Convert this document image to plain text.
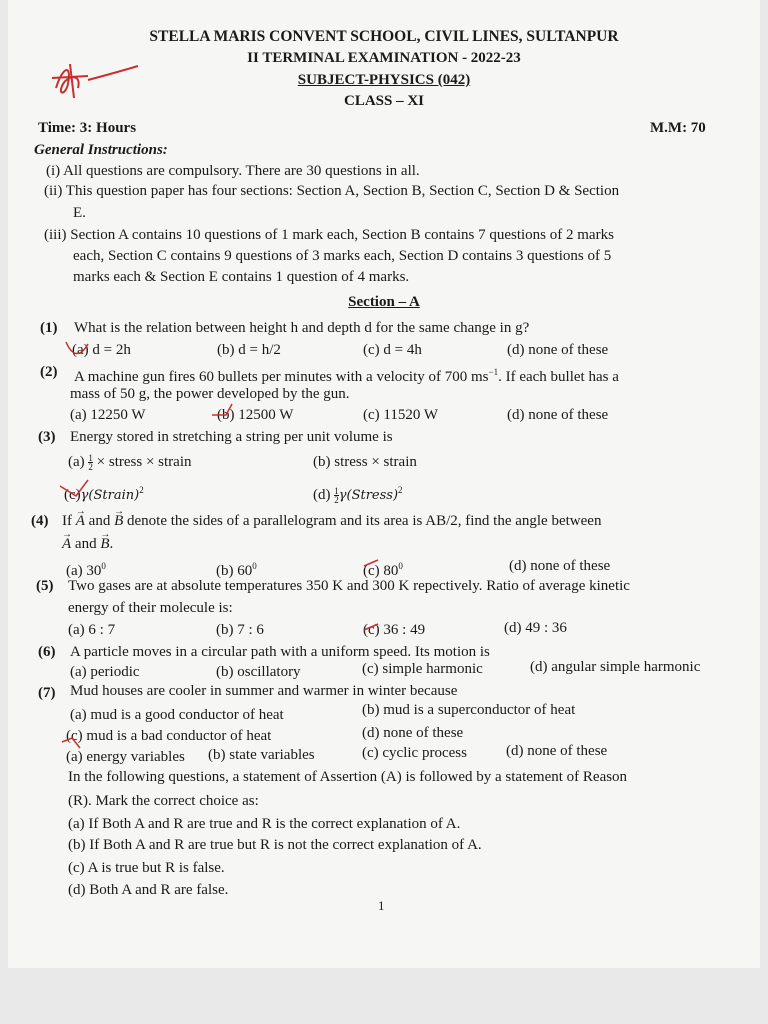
STELLA MARIS CONVENT SCHOOL, CIVIL LINES, SULTANPUR
II TERMINAL EXAMINATION - 2022-23
SUBJECT-PHYSICS (042)
CLASS – XI
Time: 3: Hours	M.M: 70
General Instructions:
(i) All questions are compulsory. There are 30 questions in all.
(ii) This question paper has four sections: Section A, Section B, Section C, Section D & Section
E.
(iii) Section A contains 10 questions of 1 mark each, Section B contains 7 questions of 2 marks
each, Section C contains 9 questions of 3 marks each, Section D contains 3 questions of 5
marks each & Section E contains 1 question of 4 marks.
Section – A
(1) What is the relation between height h and depth d for the same change in g?
(a) d = 2h	(b) d = h/2	(c) d = 4h	(d) none of these
(2) A machine gun fires 60 bullets per minutes with a velocity of 700 $ms^{-1}$. If each bullet has a
mass of 50 g, the power developed by the gun.
(a) 12250 W	(b) 12500 W	(c) 11520 W	(d) none of these
(3) Energy stored in stretching a string per unit volume is
$(a) \frac{1}{2}$ × stress × strain	(b) stress × strain
(c)γ(Strain)$^2$	$(d) \frac{1}{2}$ γ(Stress)$^2$
(4) If → A and → B denote the sides of a parallelogram and its area is AB/2, find the angle between
→ A and → B.
(a) $30^0$	(b) $60^0$	(c) $80^0$	(d) none of these
(5) Two gases are at absolute temperatures 350 K and 300 K repectively. Ratio of average kinetic
energy of their molecule is:
(a) 6 : 7	(b) 7 : 6	(c) 36 : 49	(d) 49 : 36
(6) A particle moves in a circular path with a uniform speed. Its motion is
(a) periodic	(b) oscillatory	(c) simple harmonic	(d) angular simple harmonic
(7) Mud houses are cooler in summer and warmer in winter because
(a) mud is a good conductor of heat	(b) mud is a superconductor of heat
(c) mud is a bad conductor of heat	(d) none of these
(a) energy variables (b) state variables	(c) cyclic process	(d) none of these
In the following questions, a statement of Assertion (A) is followed by a statement of Reason
(R). Mark the correct choice as:
(a) If Both A and R are true and R is the correct explanation of A.
(b) If Both A and R are true but R is not the correct explanation of A.
(c) A is true but R is false.
(d) Both A and R are false.
1
